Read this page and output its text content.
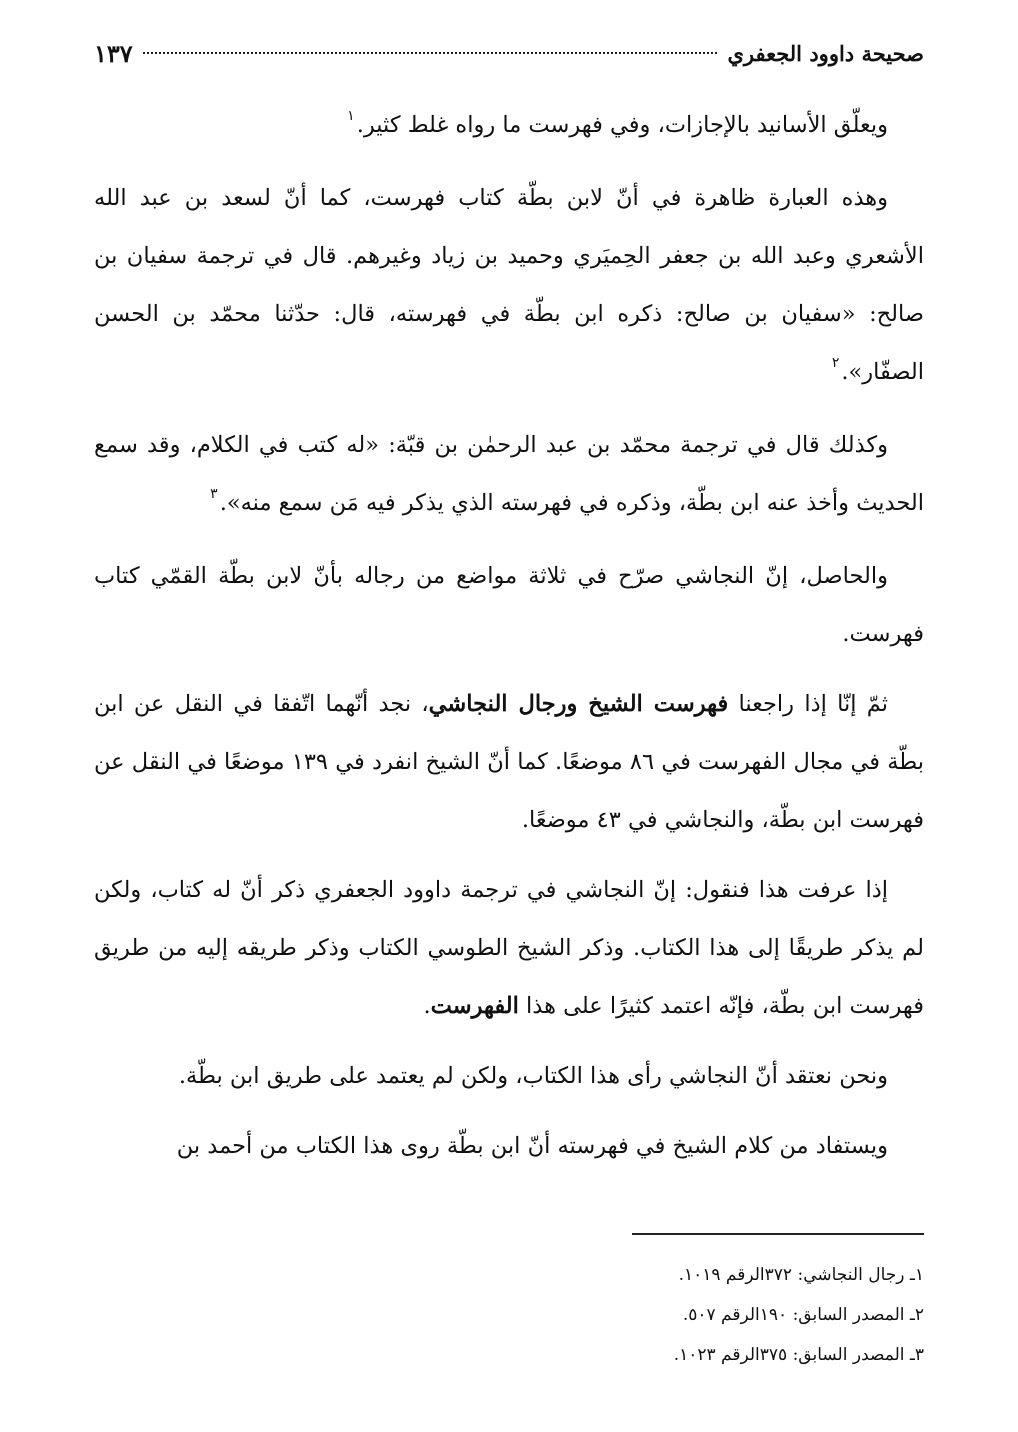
صحيحة داوود الجعفري
١٣٧

ويعلّق الأسانيد بالإجازات، وفي فهرست ما رواه غلط كثير.$^١$

وهذه العبارة ظاهرة في أنّ لابن بطّة كتاب فهرست، كما أنّ لسعد بن عبد الله الأشعري وعبد الله بن جعفر الحِميَري وحميد بن زياد وغيرهم. قال في ترجمة سفيان بن صالح: «سفيان بن صالح: ذكره ابن بطّة في فهرسته، قال: حدّثنا محمّد بن الحسن الصفّار».$^٢$

وكذلك قال في ترجمة محمّد بن عبد الرحمٰن بن قبّة: «له كتب في الكلام، وقد سمع الحديث وأخذ عنه ابن بطّة، وذكره في فهرسته الذي يذكر فيه مَن سمع منه».$^٣$

والحاصل، إنّ النجاشي صرّح في ثلاثة مواضع من رجاله بأنّ لابن بطّة القمّي كتاب فهرست.

ثمّ إنّا إذا راجعنا فهرست الشيخ ورجال النجاشي، نجد أنّهما اتّفقا في النقل عن ابن بطّة في مجال الفهرست في ٨٦ موضعًا. كما أنّ الشيخ انفرد في ١٣٩ موضعًا في النقل عن فهرست ابن بطّة، والنجاشي في ٤٣ موضعًا.

إذا عرفت هذا فنقول: إنّ النجاشي في ترجمة داوود الجعفري ذكر أنّ له كتاب، ولكن لم يذكر طريقًا إلى هذا الكتاب. وذكر الشيخ الطوسي الكتاب وذكر طريقه إليه من طريق فهرست ابن بطّة، فإنّه اعتمد كثيرًا على هذا الفهرست.

ونحن نعتقد أنّ النجاشي رأى هذا الكتاب، ولكن لم يعتمد على طريق ابن بطّة.

ويستفاد من كلام الشيخ في فهرسته أنّ ابن بطّة روى هذا الكتاب من أحمد بن

١ـ رجال النجاشي: ٣٧٢الرقم ١٠١٩.
٢ـ المصدر السابق: ١٩٠الرقم ٥٠٧.
٣ـ المصدر السابق: ٣٧٥الرقم ١٠٢٣.
